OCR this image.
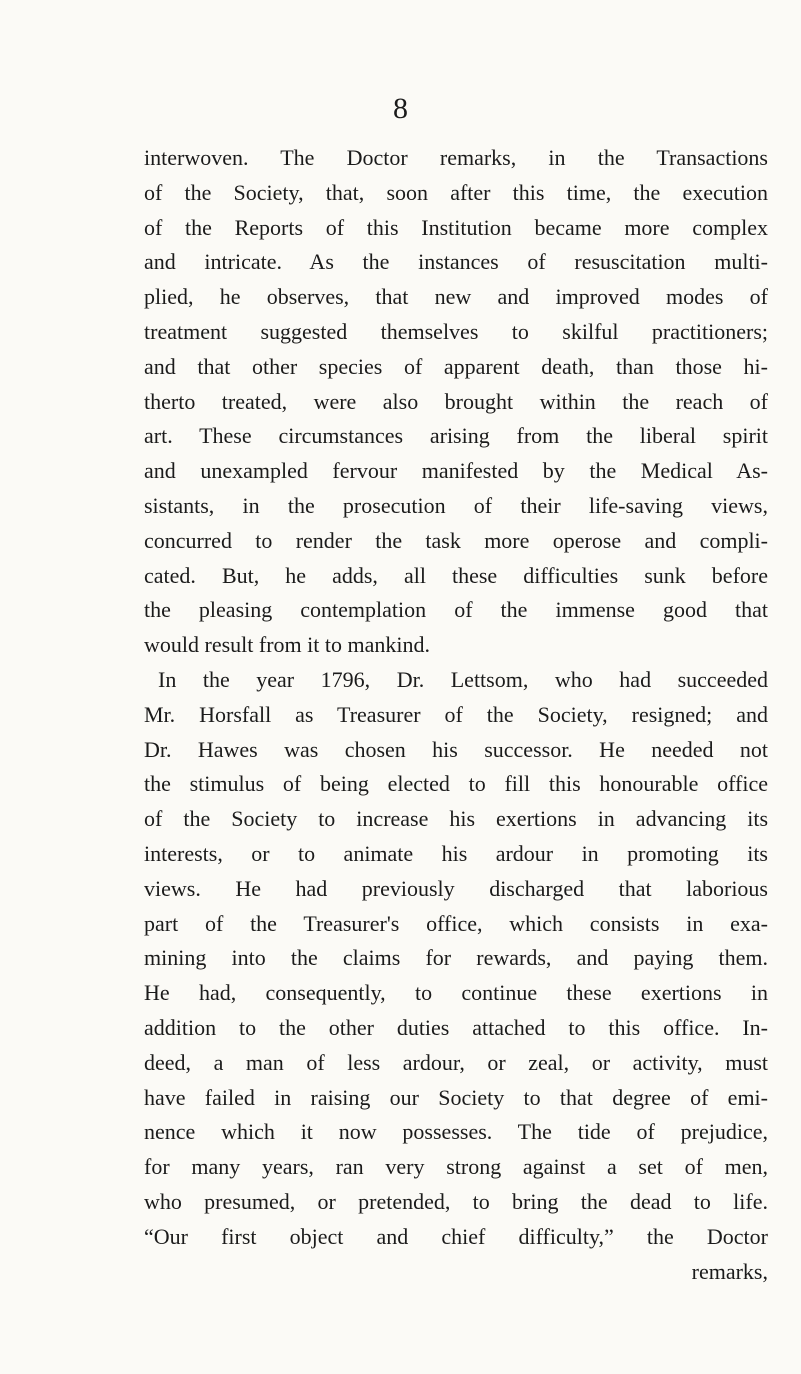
8
interwoven. The Doctor remarks, in the Transactions
of the Society, that, soon after this time, the execution
of the Reports of this Institution became more complex
and intricate. As the instances of resuscitation multi-
plied, he observes, that new and improved modes of
treatment suggested themselves to skilful practitioners;
and that other species of apparent death, than those hi-
therto treated, were also brought within the reach of
art. These circumstances arising from the liberal spirit
and unexampled fervour manifested by the Medical As-
sistants, in the prosecution of their life-saving views,
concurred to render the task more operose and compli-
cated. But, he adds, all these difficulties sunk before
the pleasing contemplation of the immense good that
would result from it to mankind.
In the year 1796, Dr. Lettsom, who had succeeded
Mr. Horsfall as Treasurer of the Society, resigned; and
Dr. Hawes was chosen his successor. He needed not
the stimulus of being elected to fill this honourable office
of the Society to increase his exertions in advancing its
interests, or to animate his ardour in promoting its
views. He had previously discharged that laborious
part of the Treasurer's office, which consists in exa-
mining into the claims for rewards, and paying them.
He had, consequently, to continue these exertions in
addition to the other duties attached to this office. In-
deed, a man of less ardour, or zeal, or activity, must
have failed in raising our Society to that degree of emi-
nence which it now possesses. The tide of prejudice,
for many years, ran very strong against a set of men,
who presumed, or pretended, to bring the dead to life.
“Our first object and chief difficulty,” the Doctor
remarks,
